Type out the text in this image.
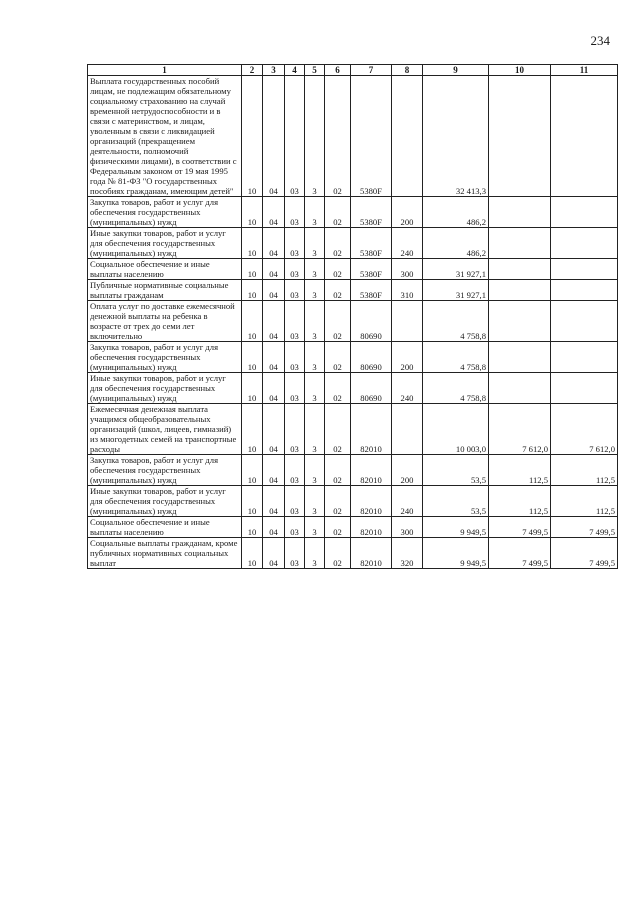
234
1	2	3	4	5	6	7	8	9	10	11
Выплата государственных пособий лицам, не подлежащим обязательному социальному страхованию на случай временной нетрудоспособности и в связи с материнством, и лицам, уволенным в связи с ликвидацией организаций (прекращением деятельности, полномочий физическими лицами), в соответствии с Федеральным законом от 19 мая 1995 года № 81-ФЗ "О государственных пособиях гражданам, имеющим детей"	10	04	03	3	02	5380F		32 413,3		
Закупка товаров, работ и услуг для обеспечения государственных (муниципальных) нужд	10	04	03	3	02	5380F	200	486,2		
Иные закупки товаров, работ и услуг для обеспечения государственных (муниципальных) нужд	10	04	03	3	02	5380F	240	486,2		
Социальное обеспечение и иные выплаты населению	10	04	03	3	02	5380F	300	31 927,1		
Публичные нормативные социальные выплаты гражданам	10	04	03	3	02	5380F	310	31 927,1		
Оплата услуг по доставке ежемесячной денежной выплаты на ребенка в возрасте от трех до семи лет включительно	10	04	03	3	02	80690		4 758,8		
Закупка товаров, работ и услуг для обеспечения государственных (муниципальных) нужд	10	04	03	3	02	80690	200	4 758,8		
Иные закупки товаров, работ и услуг для обеспечения государственных (муниципальных) нужд	10	04	03	3	02	80690	240	4 758,8		
Ежемесячная денежная выплата учащимся общеобразовательных организаций (школ, лицеев, гимназий) из многодетных семей на транспортные расходы	10	04	03	3	02	82010		10 003,0	7 612,0	7 612,0
Закупка товаров, работ и услуг для обеспечения государственных (муниципальных) нужд	10	04	03	3	02	82010	200	53,5	112,5	112,5
Иные закупки товаров, работ и услуг для обеспечения государственных (муниципальных) нужд	10	04	03	3	02	82010	240	53,5	112,5	112,5
Социальное обеспечение и иные выплаты населению	10	04	03	3	02	82010	300	9 949,5	7 499,5	7 499,5
Социальные выплаты гражданам, кроме публичных нормативных социальных выплат	10	04	03	3	02	82010	320	9 949,5	7 499,5	7 499,5
